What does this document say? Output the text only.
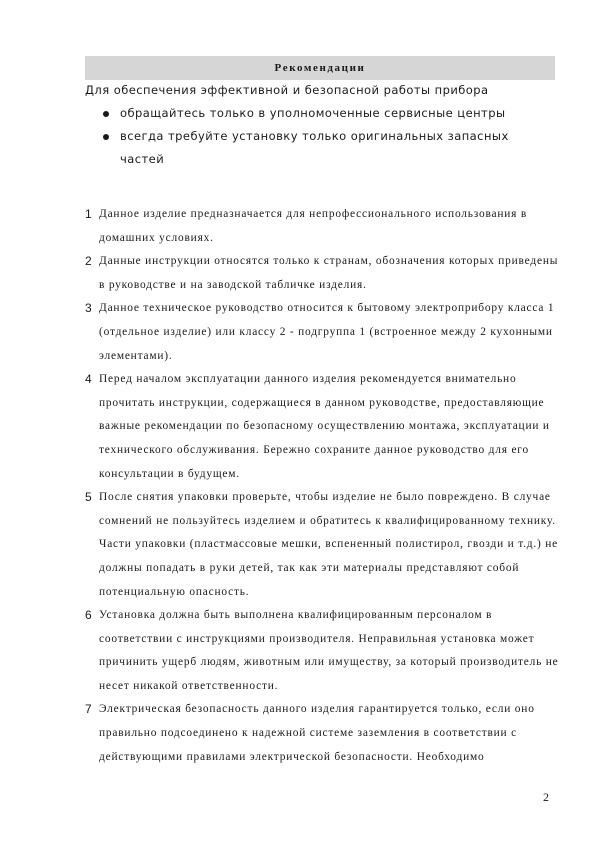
Рекомендации
Для обеспечения эффективной и безопасной работы прибора
обращайтесь только в уполномоченные сервисные центры
всегда требуйте установку только оригинальных запасных частей
1 Данное изделие предназначается для непрофессионального использования в домашних условиях.
2 Данные инструкции относятся только к странам, обозначения которых приведены в руководстве и на заводской табличке изделия.
3 Данное техническое руководство относится к бытовому электроприбору класса 1 (отдельное изделие) или классу 2 - подгруппа 1 (встроенное между 2 кухонными элементами).
4 Перед началом эксплуатации данного изделия рекомендуется внимательно прочитать инструкции, содержащиеся в данном руководстве, предоставляющие важные рекомендации по безопасному осуществлению монтажа, эксплуатации и технического обслуживания. Бережно сохраните данное руководство для его консультации в будущем.
5 После снятия упаковки проверьте, чтобы изделие не было повреждено. В случае сомнений не пользуйтесь изделием и обратитесь к квалифицированному технику. Части упаковки (пластмассовые мешки, вспененный полистирол, гвозди и т.д.) не должны попадать в руки детей, так как эти материалы представляют собой потенциальную опасность.
6 Установка должна быть выполнена квалифицированным персоналом в соответствии с инструкциями производителя. Неправильная установка может причинить ущерб людям, животным или имуществу, за который производитель не несет никакой ответственности.
7 Электрическая безопасность данного изделия гарантируется только, если оно правильно подсоединено к надежной системе заземления в соответствии с действующими правилами электрической безопасности. Необходимо
2
